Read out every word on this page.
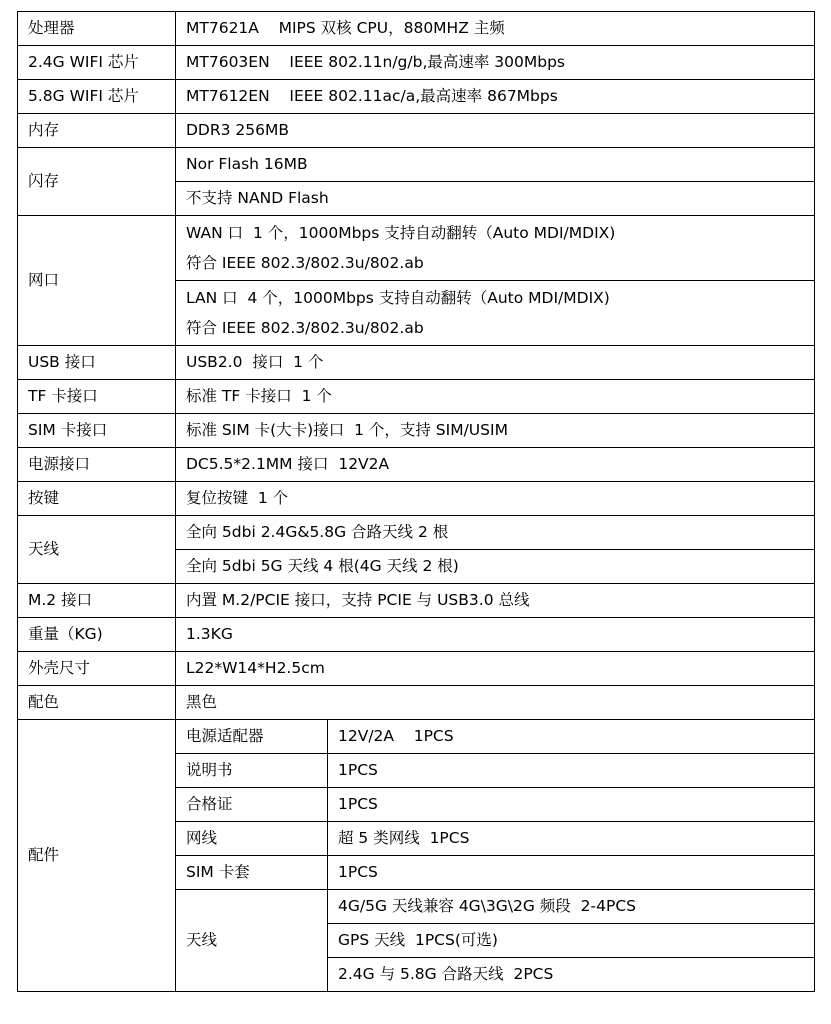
处理器	MT7621A    MIPS 双核 CPU，880MHZ 主频	
2.4G WIFI 芯片	MT7603EN    IEEE 802.11n/g/b,最高速率 300Mbps	
5.8G WIFI 芯片	MT7612EN    IEEE 802.11ac/a,最高速率 867Mbps	
内存	DDR3 256MB	
闪存	Nor Flash 16MB	
	不支持 NAND Flash	
网口	WAN 口  1 个，1000Mbps 支持自动翻转（Auto MDI/MDIX)
符合 IEEE 802.3/802.3u/802.ab	

	LAN 口  4 个，1000Mbps 支持自动翻转（Auto MDI/MDIX)
符合 IEEE 802.3/802.3u/802.ab	

USB 接口	USB2.0  接口  1 个	
TF 卡接口	标准 TF 卡接口  1 个	
SIM 卡接口	标准 SIM 卡(大卡)接口  1 个，支持 SIM/USIM	
电源接口	DC5.5*2.1MM 接口  12V2A	
按键	复位按键  1 个	
天线	全向 5dbi 2.4G&5.8G 合路天线 2 根	
	全向 5dbi 5G 天线 4 根(4G 天线 2 根)	
M.2 接口	内置 M.2/PCIE 接口，支持 PCIE 与 USB3.0 总线	
重量（KG)	1.3KG	
外壳尺寸	L22*W14*H2.5cm	
配色	黑色	
配件	电源适配器	12V/2A    1PCS
	说明书	1PCS
	合格证	1PCS
	网线	超 5 类网线  1PCS
	SIM 卡套	1PCS
	天线	4G/5G 天线兼容 4G\3G\2G 频段  2-4PCS
		GPS 天线  1PCS(可选)
		2.4G 与 5.8G 合路天线  2PCS
